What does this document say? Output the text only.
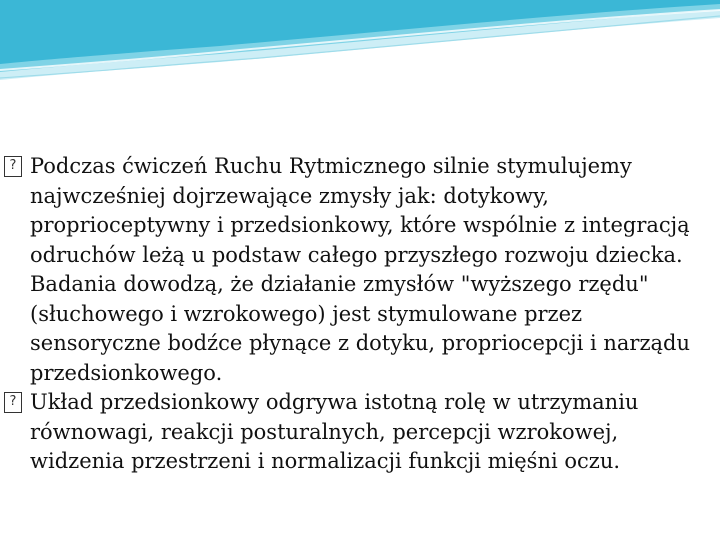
? Podczas ćwiczeń Ruchu Rytmicznego silnie stymulujemy najwcześniej dojrzewające zmysły jak: dotykowy, proprioceptywny i przedsionkowy, które wspólnie z integracją odruchów leżą u podstaw całego przyszłego rozwoju dziecka. Badania dowodzą, że działanie zmysłów "wyższego rzędu"(słuchowego i wzrokowego) jest stymulowane przez sensoryczne bodźce płynące z dotyku, propriocepcji i narządu przedsionkowego.

? Układ przedsionkowy odgrywa istotną rolę w utrzymaniu równowagi, reakcji posturalnych, percepcji wzrokowej, widzenia przestrzeni i normalizacji funkcji mięśni oczu.
